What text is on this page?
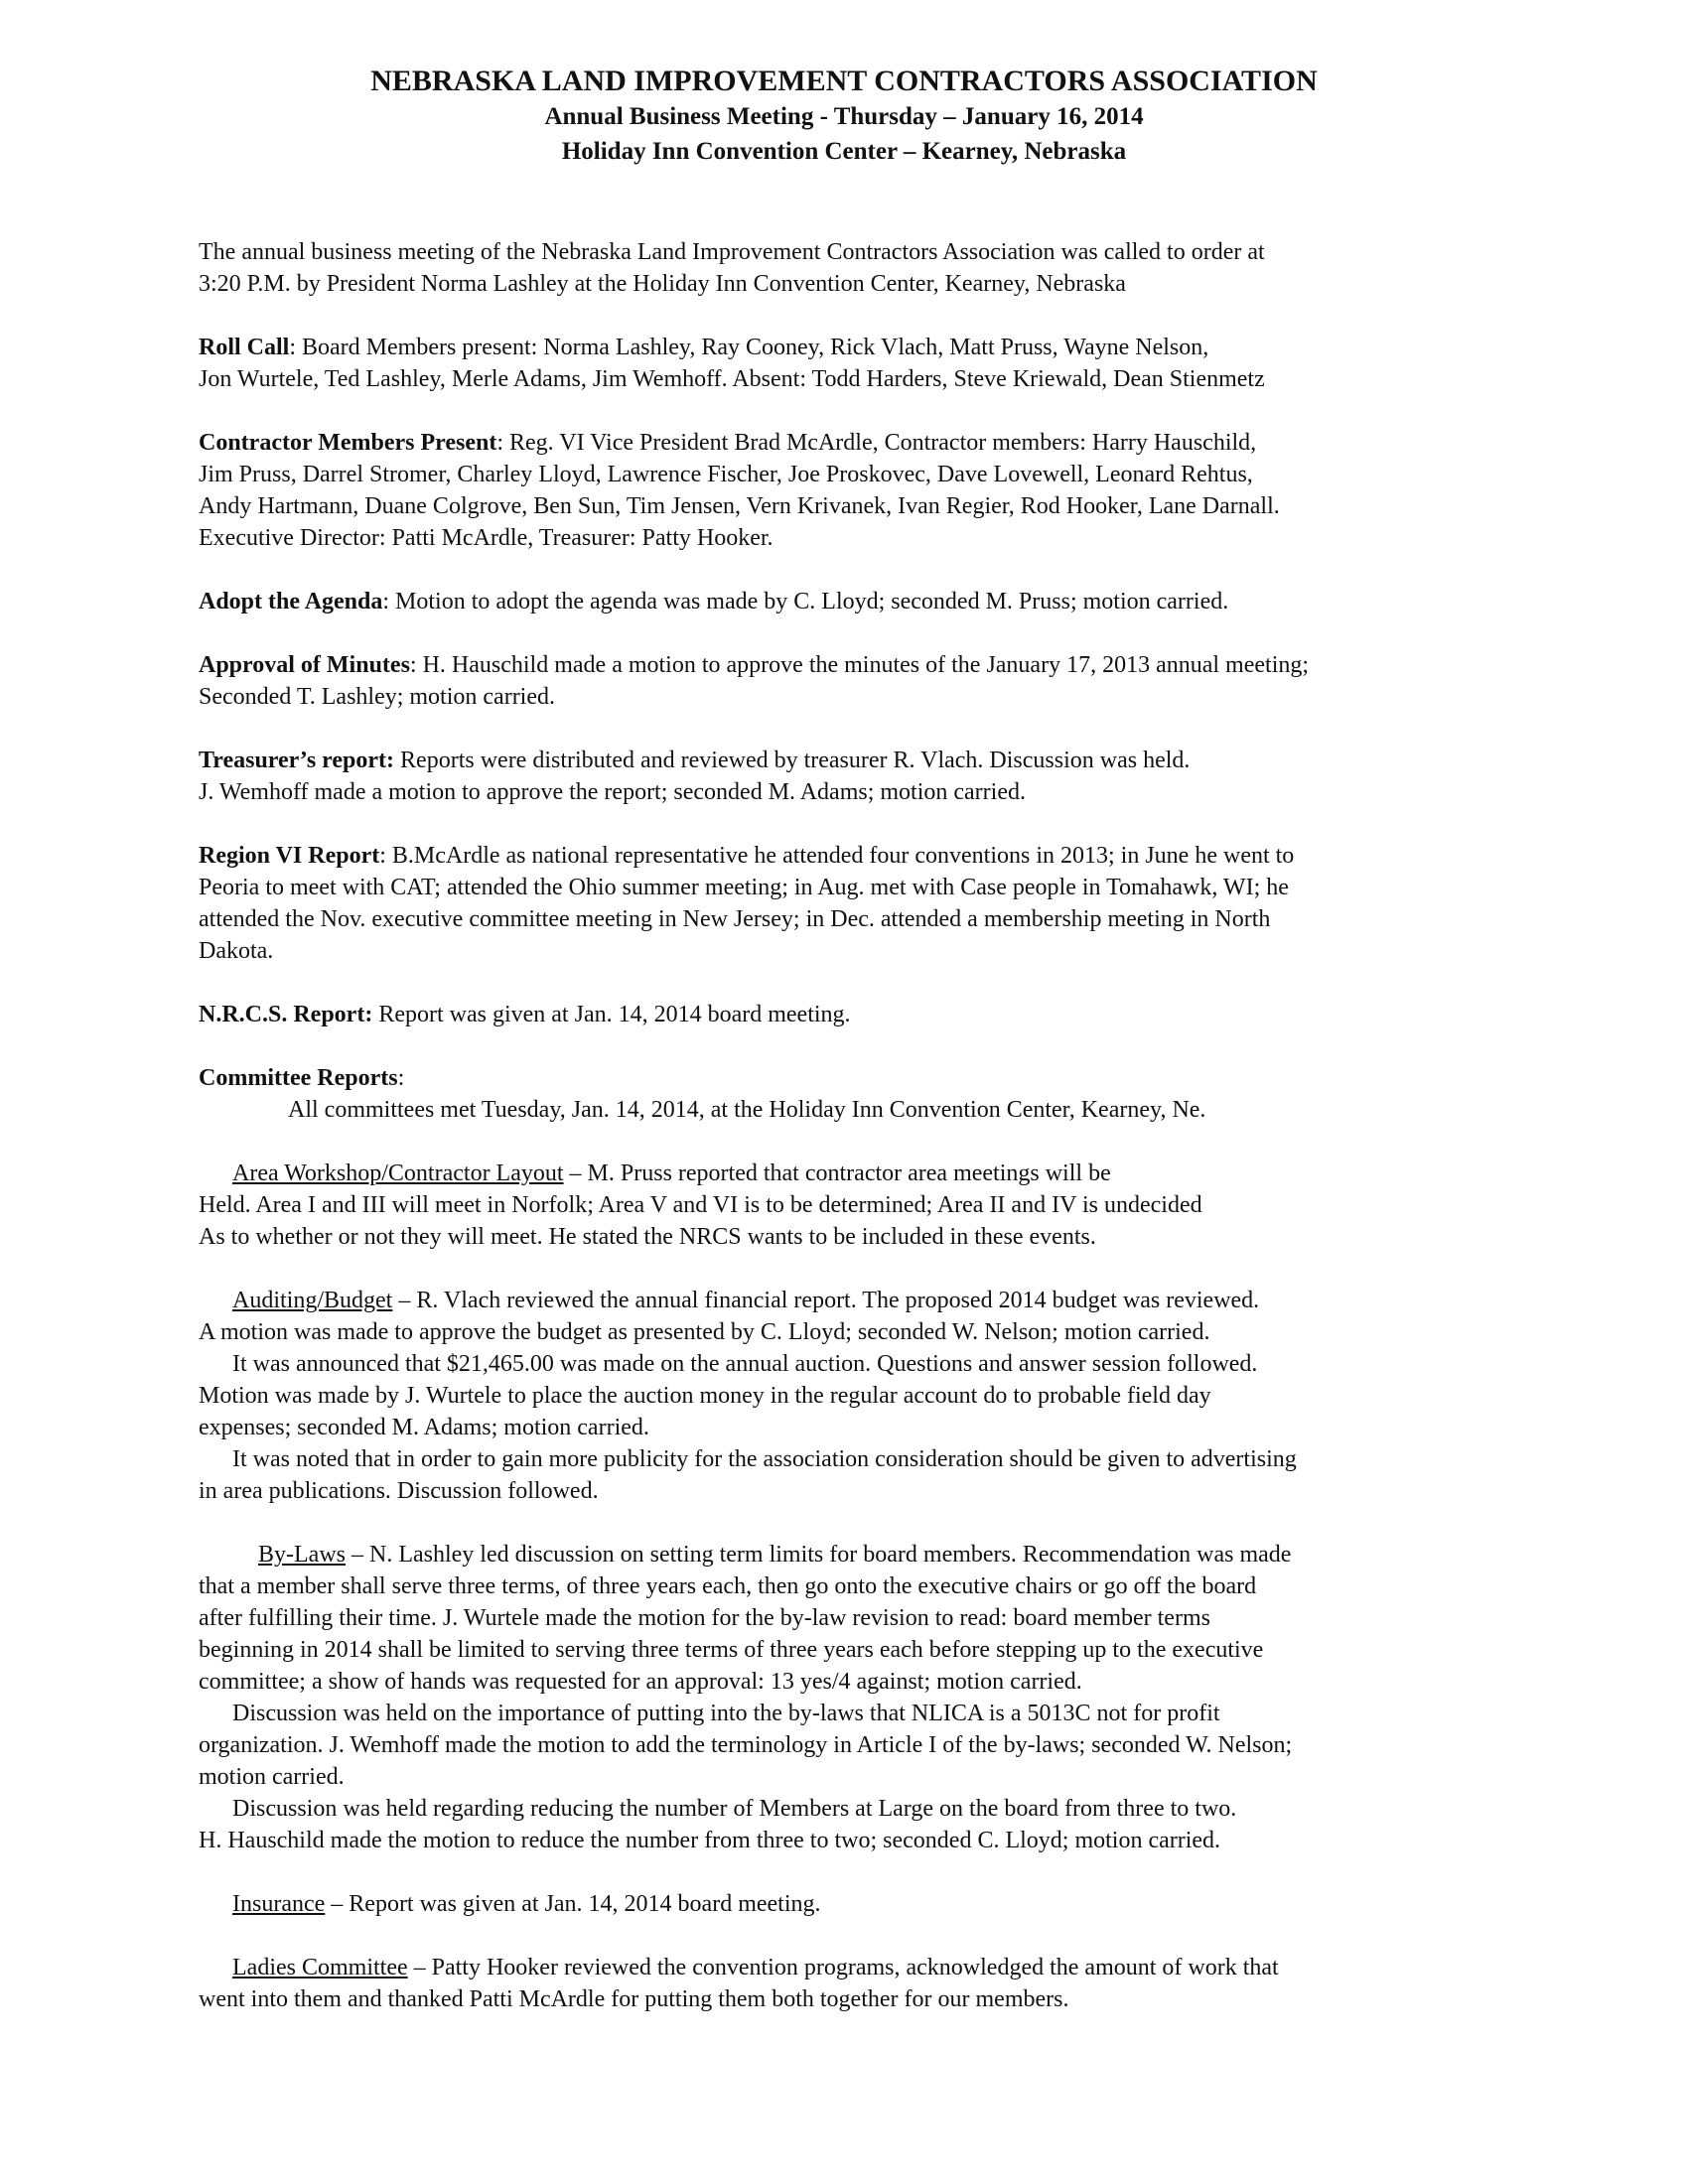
NEBRASKA LAND IMPROVEMENT CONTRACTORS ASSOCIATION
Annual Business Meeting - Thursday – January 16, 2014
Holiday Inn Convention Center – Kearney, Nebraska

The annual business meeting of the Nebraska Land Improvement Contractors Association was called to order at
3:20 P.M. by President Norma Lashley at the Holiday Inn Convention Center, Kearney, Nebraska

Roll Call: Board Members present: Norma Lashley, Ray Cooney, Rick Vlach, Matt Pruss, Wayne Nelson,
Jon Wurtele, Ted Lashley, Merle Adams, Jim Wemhoff. Absent: Todd Harders, Steve Kriewald, Dean Stienmetz

Contractor Members Present: Reg. VI Vice President Brad McArdle, Contractor members: Harry Hauschild,
Jim Pruss, Darrel Stromer, Charley Lloyd, Lawrence Fischer, Joe Proskovec, Dave Lovewell, Leonard Rehtus,
Andy Hartmann, Duane Colgrove, Ben Sun, Tim Jensen, Vern Krivanek, Ivan Regier, Rod Hooker, Lane Darnall.
Executive Director: Patti McArdle, Treasurer: Patty Hooker.

Adopt the Agenda: Motion to adopt the agenda was made by C. Lloyd; seconded M. Pruss; motion carried.

Approval of Minutes: H. Hauschild made a motion to approve the minutes of the January 17, 2013 annual meeting;
Seconded T. Lashley; motion carried.

Treasurer’s report: Reports were distributed and reviewed by treasurer R. Vlach. Discussion was held.
J. Wemhoff made a motion to approve the report; seconded M. Adams; motion carried.

Region VI Report: B.McArdle as national representative he attended four conventions in 2013; in June he went to
Peoria to meet with CAT; attended the Ohio summer meeting; in Aug. met with Case people in Tomahawk, WI; he
attended the Nov. executive committee meeting in New Jersey; in Dec. attended a membership meeting in North
Dakota.

N.R.C.S. Report: Report was given at Jan. 14, 2014 board meeting.

Committee Reports:

All committees met Tuesday, Jan. 14, 2014, at the Holiday Inn Convention Center, Kearney, Ne.

Area Workshop/Contractor Layout – M. Pruss reported that contractor area meetings will be

Held. Area I and III will meet in Norfolk; Area V and VI is to be determined; Area II and IV is undecided

As to whether or not they will meet. He stated the NRCS wants to be included in these events.

Auditing/Budget – R. Vlach reviewed the annual financial report. The proposed 2014 budget was reviewed.

A motion was made to approve the budget as presented by C. Lloyd; seconded W. Nelson; motion carried.

It was announced that $21,465.00 was made on the annual auction. Questions and answer session followed.

Motion was made by J. Wurtele to place the auction money in the regular account do to probable field day

expenses; seconded M. Adams; motion carried.

It was noted that in order to gain more publicity for the association consideration should be given to advertising

in area publications. Discussion followed.

By-Laws – N. Lashley led discussion on setting term limits for board members. Recommendation was made

that a member shall serve three terms, of three years each, then go onto the executive chairs or go off the board

after fulfilling their time. J. Wurtele made the motion for the by-law revision to read: board member terms

beginning in 2014 shall be limited to serving three terms of three years each before stepping up to the executive

committee; a show of hands was requested for an approval: 13 yes/4 against; motion carried.

Discussion was held on the importance of putting into the by-laws that NLICA is a 5013C not for profit

organization. J. Wemhoff made the motion to add the terminology in Article I of the by-laws; seconded W. Nelson;

motion carried.

Discussion was held regarding reducing the number of Members at Large on the board from three to two.

H. Hauschild made the motion to reduce the number from three to two; seconded C. Lloyd; motion carried.

Insurance – Report was given at Jan. 14, 2014 board meeting.

Ladies Committee – Patty Hooker reviewed the convention programs, acknowledged the amount of work that

went into them and thanked Patti McArdle for putting them both together for our members.
